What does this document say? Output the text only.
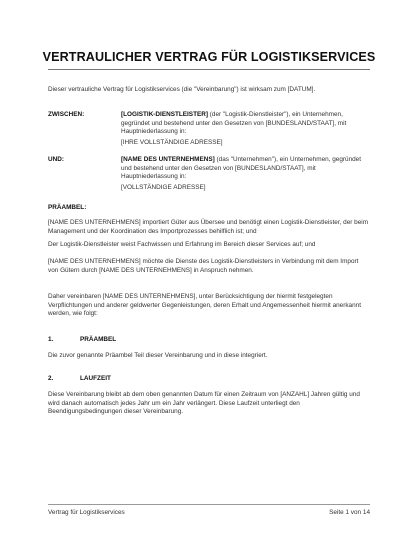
VERTRAULICHER VERTRAG FÜR LOGISTIKSERVICES

Dieser vertrauliche Vertrag für Logistikservices (die "Vereinbarung") ist wirksam zum [DATUM].

ZWISCHEN:	[LOGISTIK-DIENSTLEISTER] (der "Logistik-Dienstleister"), ein Unternehmen, gegründet und bestehend unter den Gesetzen von [BUNDESLAND/STAAT], mit Hauptniederlassung in:

[IHRE VOLLSTÄNDIGE ADRESSE]

UND:	[NAME DES UNTERNEHMENS] (das "Unternehmen"), ein Unternehmen, gegründet und bestehend unter den Gesetzen von [BUNDESLAND/STAAT], mit Hauptniederlassung in:

[VOLLSTÄNDIGE ADRESSE]

PRÄAMBEL:

[NAME DES UNTERNEHMENS] importiert Güter aus Übersee und benötigt einen Logistik-Dienstleister, der beim Management und der Koordination des Importprozesses behilflich ist; und

Der Logistik-Dienstleister weist Fachwissen und Erfahrung im Bereich dieser Services auf; und

[NAME DES UNTERNEHMENS] möchte die Dienste des Logistik-Dienstleisters in Verbindung mit dem Import von Gütern durch [NAME DES UNTERNEHMENS] in Anspruch nehmen.

Daher vereinbaren [NAME DES UNTERNEHMENS], unter Berücksichtigung der hiermit festgelegten Verpflichtungen und anderer geldwerter Gegenleistungen, deren Erhalt und Angemessenheit hiermit anerkannt werden, wie folgt:

1.	PRÄAMBEL

Die zuvor genannte Präambel Teil dieser Vereinbarung und in diese integriert.

2.	LAUFZEIT

Diese Vereinbarung bleibt ab dem oben genannten Datum für einen Zeitraum von [ANZAHL] Jahren gültig und wird danach automatisch jedes Jahr um ein Jahr verlängert. Diese Laufzeit unterliegt den Beendigungsbedingungen dieser Vereinbarung.

Vertrag für Logistikservices	Seite 1 von 14
